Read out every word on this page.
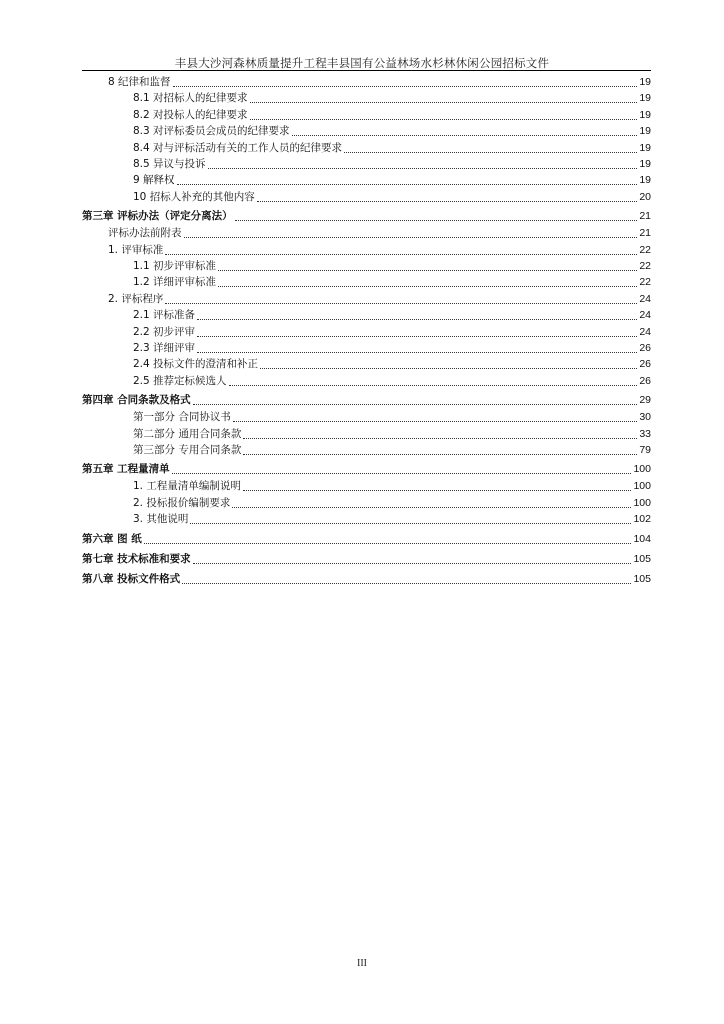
丰县大沙河森林质量提升工程丰县国有公益林场水杉林休闲公园招标文件
8 纪律和监督	19
8.1 对招标人的纪律要求	19
8.2 对投标人的纪律要求	19
8.3 对评标委员会成员的纪律要求	19
8.4 对与评标活动有关的工作人员的纪律要求	19
8.5 异议与投诉	19
9 解释权	19
10 招标人补充的其他内容	20
第三章 评标办法（评定分离法）	21
评标办法前附表	21
1. 评审标准	22
1.1 初步评审标准	22
1.2 详细评审标准	22
2. 评标程序	24
2.1 评标准备	24
2.2 初步评审	24
2.3 详细评审	26
2.4 投标文件的澄清和补正	26
2.5 推荐定标候选人	26
第四章 合同条款及格式	29
第一部分 合同协议书	30
第二部分 通用合同条款	33
第三部分 专用合同条款	79
第五章 工程量清单	100
1. 工程量清单编制说明	100
2. 投标报价编制要求	100
3. 其他说明	102
第六章 图 纸	104
第七章 技术标准和要求	105
第八章 投标文件格式	105
III
